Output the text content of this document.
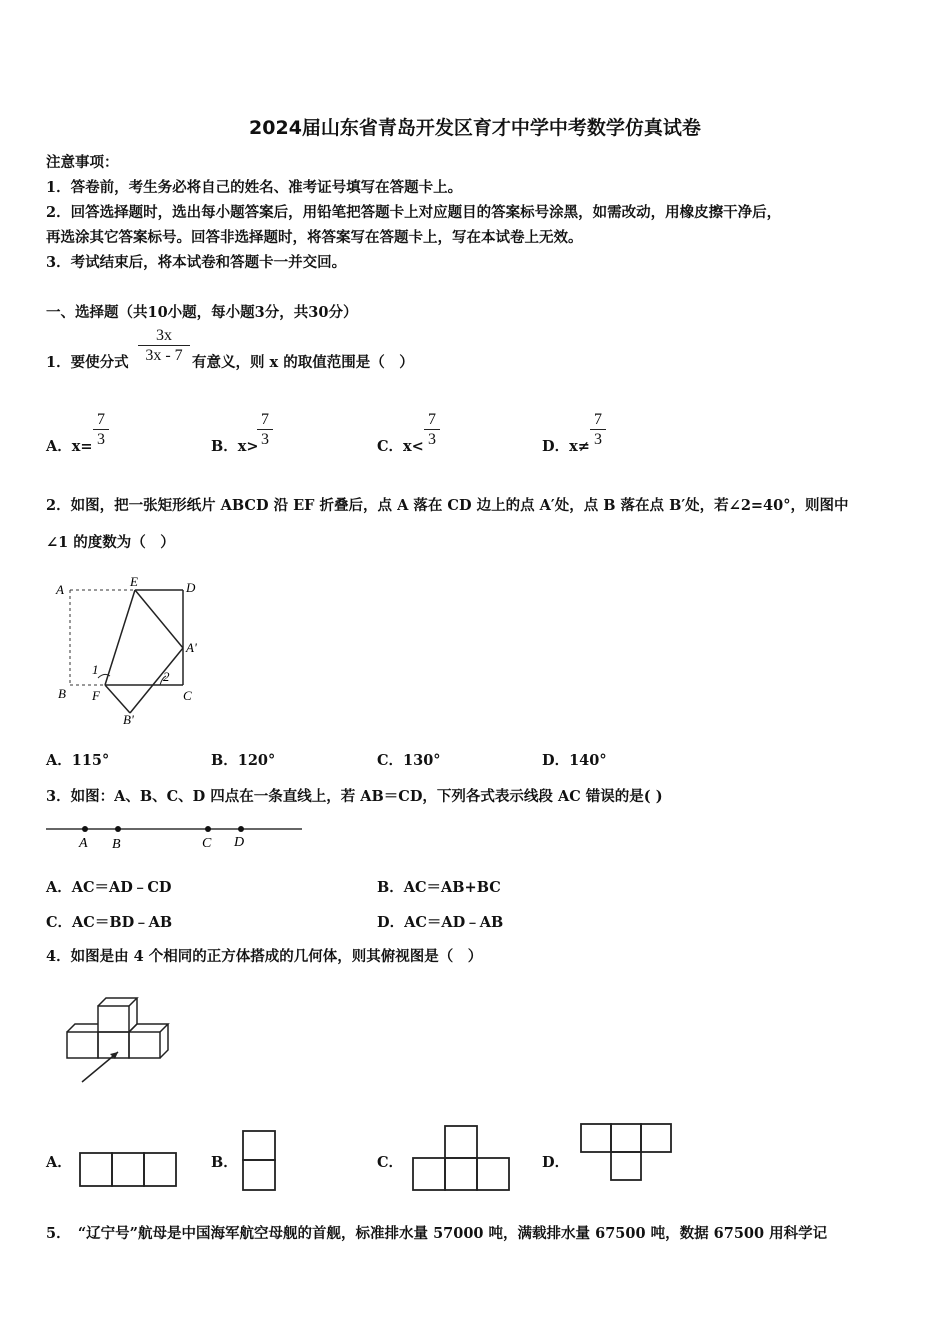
2024届山东省青岛开发区育才中学中考数学仿真试卷
注意事项：
1．答卷前，考生务必将自己的姓名、准考证号填写在答题卡上。
2．回答选择题时，选出每小题答案后，用铅笔把答题卡上对应题目的答案标号涂黑，如需改动，用橡皮擦干净后，
再选涂其它答案标号。回答非选择题时，将答案写在答题卡上，写在本试卷上无效。
3．考试结束后，将本试卷和答题卡一并交回。
一、选择题（共10小题，每小题3分，共30分）
1．要使分式 $\frac{3x}{3x - 7}$ 有意义，则 x 的取值范围是（　）
A．$x= \frac{7}{3}$	B．x>
$\frac{7}{3}$	C．$x< \frac{7}{3}$	D．$x\ne \frac{7}{3}$
2．如图，把一张矩形纸片 ABCD 沿 EF 折叠后，点 A 落在 CD 边上的点 A′处，点 B 落在点 B′处，若∠2=40°，则图中
∠1 的度数为（　）
A
E	D
A'
1	2
B F	C
B'
A．115°	B．120°	C．130°	D．140°
3．如图：A、B、C、D 四点在一条直线上，若 AB＝CD，下列各式表示线段 AC 错误的是( )
A B	C D
A．AC＝AD﹣CD	B．AC＝AB+BC
C．AC＝BD﹣AB	D．AC＝AD﹣AB
4．如图是由 4 个相同的正方体搭成的几何体，则其俯视图是（　）
A．	B．	C．	D．
5．　“辽宁号”航母是中国海军航空母舰的首舰，标准排水量 57000 吨，满载排水量 67500 吨，数据 67500 用科学记
